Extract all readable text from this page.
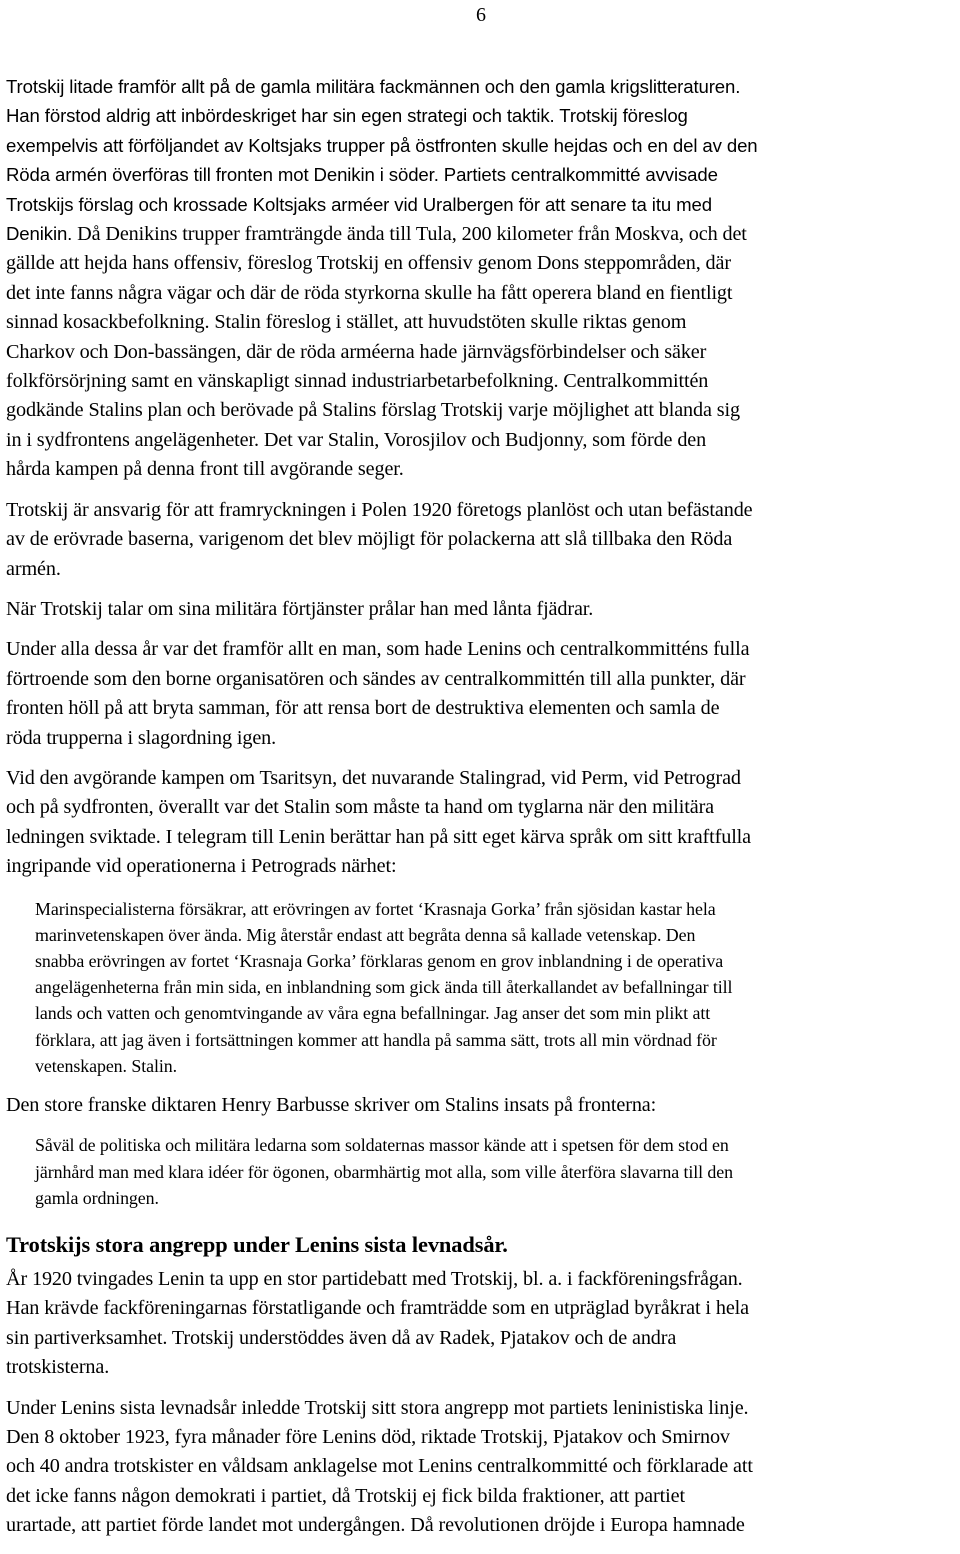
6

Trotskij litade framför allt på de gamla militära fackmännen och den gamla krigslitteraturen.
Han förstod aldrig att inbördeskriget har sin egen strategi och taktik. Trotskij föreslog
exempelvis att förföljandet av Koltsjaks trupper på östfronten skulle hejdas och en del av den
Röda armén överföras till fronten mot Denikin i söder. Partiets centralkommitté avvisade
Trotskijs förslag och krossade Koltsjaks arméer vid Uralbergen för att senare ta itu med
Denikin. Då Denikins trupper framträngde ända till Tula, 200 kilometer från Moskva, och det
gällde att hejda hans offensiv, föreslog Trotskij en offensiv genom Dons steppområden, där
det inte fanns några vägar och där de röda styrkorna skulle ha fått operera bland en fientligt
sinnad kosackbefolkning. Stalin föreslog i stället, att huvudstöten skulle riktas genom
Charkov och Don-bassängen, där de röda arméerna hade järnvägsförbindelser och säker
folkförsörjning samt en vänskapligt sinnad industriarbetarbefolkning. Centralkommittén
godkände Stalins plan och berövade på Stalins förslag Trotskij varje möjlighet att blanda sig
in i sydfrontens angelägenheter. Det var Stalin, Vorosjilov och Budjonny, som förde den
hårda kampen på denna front till avgörande seger.

Trotskij är ansvarig för att framryckningen i Polen 1920 företogs planlöst och utan befästande
av de erövrade baserna, varigenom det blev möjligt för polackerna att slå tillbaka den Röda
armén.

När Trotskij talar om sina militära förtjänster prålar han med lånta fjädrar.

Under alla dessa år var det framför allt en man, som hade Lenins och centralkommitténs fulla
förtroende som den borne organisatören och sändes av centralkommittén till alla punkter, där
fronten höll på att bryta samman, för att rensa bort de destruktiva elementen och samla de
röda trupperna i slagordning igen.

Vid den avgörande kampen om Tsaritsyn, det nuvarande Stalingrad, vid Perm, vid Petrograd
och på sydfronten, överallt var det Stalin som måste ta hand om tyglarna när den militära
ledningen sviktade. I telegram till Lenin berättar han på sitt eget kärva språk om sitt kraftfulla
ingripande vid operationerna i Petrograds närhet:

Marinspecialisterna försäkrar, att erövringen av fortet ‘Krasnaja Gorka’ från sjösidan kastar hela
marinvetenskapen över ända. Mig återstår endast att begråta denna så kallade vetenskap. Den
snabba erövringen av fortet ‘Krasnaja Gorka’ förklaras genom en grov inblandning i de operativa
angelägenheterna från min sida, en inblandning som gick ända till återkallandet av befallningar till
lands och vatten och genomtvingande av våra egna befallningar. Jag anser det som min plikt att
förklara, att jag även i fortsättningen kommer att handla på samma sätt, trots all min vördnad för
vetenskapen. Stalin.

Den store franske diktaren Henry Barbusse skriver om Stalins insats på fronterna:

Såväl de politiska och militära ledarna som soldaternas massor kände att i spetsen för dem stod en
järnhård man med klara idéer för ögonen, obarmhärtig mot alla, som ville återföra slavarna till den
gamla ordningen.
Trotskijs stora angrepp under Lenins sista levnadsår.

År 1920 tvingades Lenin ta upp en stor partidebatt med Trotskij, bl. a. i fackföreningsfrågan.
Han krävde fackföreningarnas förstatligande och framträdde som en utpräglad byråkrat i hela
sin partiverksamhet. Trotskij understöddes även då av Radek, Pjatakov och de andra
trotskisterna.

Under Lenins sista levnadsår inledde Trotskij sitt stora angrepp mot partiets leninistiska linje.
Den 8 oktober 1923, fyra månader före Lenins död, riktade Trotskij, Pjatakov och Smirnov
och 40 andra trotskister en våldsam anklagelse mot Lenins centralkommitté och förklarade att
det icke fanns någon demokrati i partiet, då Trotskij ej fick bilda fraktioner, att partiet
urartade, att partiet förde landet mot undergången. Då revolutionen dröjde i Europa hamnade
